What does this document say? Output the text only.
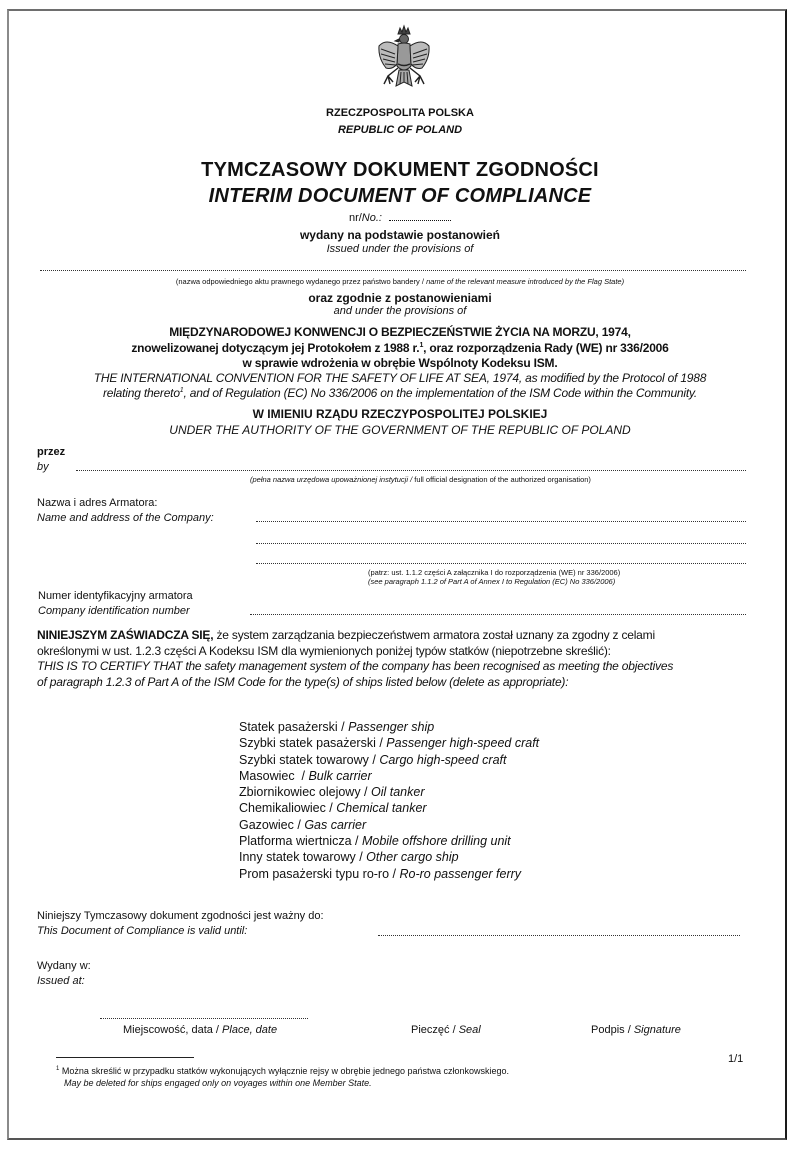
RZECZPOSPOLITA POLSKA
REPUBLIC OF POLAND
TYMCZASOWY DOKUMENT ZGODNOŚCI
INTERIM DOCUMENT OF COMPLIANCE
nr/No.:
wydany na podstawie postanowień
Issued under the provisions of
(nazwa odpowiedniego aktu prawnego wydanego przez państwo bandery / name of the relevant measure introduced by the Flag State)
oraz zgodnie z postanowieniami
and under the provisions of
MIĘDZYNARODOWEJ KONWENCJI O BEZPIECZEŃSTWIE ŻYCIA NA MORZU, 1974,
znowelizowanej dotyczącym jej Protokołem z 1988 r.$^1$, oraz rozporządzenia Rady (WE) nr 336/2006
w sprawie wdrożenia w obrębie Wspólnoty Kodeksu ISM.
THE INTERNATIONAL CONVENTION FOR THE SAFETY OF LIFE AT SEA, 1974, as modified by the Protocol of 1988
relating thereto$^1$, and of Regulation (EC) No 336/2006 on the implementation of the ISM Code within the Community.
W IMIENIU RZĄDU RZECZYPOSPOLITEJ POLSKIEJ
UNDER THE AUTHORITY OF THE GOVERNMENT OF THE REPUBLIC OF POLAND
przez
by
(pełna nazwa urzędowa upoważnionej instytucji / full official designation of the authorized organisation)
Nazwa i adres Armatora:
Name and address of the Company:
(patrz: ust. 1.1.2 części A załącznika I do rozporządzenia (WE) nr 336/2006)
(see paragraph 1.1.2 of Part A of Annex I to Regulation (EC) No 336/2006)
Numer identyfikacyjny armatora
Company identification number
NINIEJSZYM ZAŚWIADCZA SIĘ, że system zarządzania bezpieczeństwem armatora został uznany za zgodny z celami
określonymi w ust. 1.2.3 części A Kodeksu ISM dla wymienionych poniżej typów statków (niepotrzebne skreślić):
THIS IS TO CERTIFY THAT the safety management system of the company has been recognised as meeting the objectives
of paragraph 1.2.3 of Part A of the ISM Code for the type(s) of ships listed below (delete as appropriate):
Statek pasażerski / Passenger ship
Szybki statek pasażerski / Passenger high-speed craft
Szybki statek towarowy / Cargo high-speed craft
Masowiec  / Bulk carrier
Zbiornikowiec olejowy / Oil tanker
Chemikaliowiec / Chemical tanker
Gazowiec / Gas carrier
Platforma wiertnicza / Mobile offshore drilling unit
Inny statek towarowy / Other cargo ship
Prom pasażerski typu ro-ro / Ro-ro passenger ferry
Niniejszy Tymczasowy dokument zgodności jest ważny do:
This Document of Compliance is valid until:
Wydany w:
Issued at:
Miejscowość, data / Place, date	Pieczęć / Seal	Podpis / Signature
1/1
$^1$ Można skreślić w przypadku statków wykonujących wyłącznie rejsy w obrębie jednego państwa członkowskiego.
May be deleted for ships engaged only on voyages within one Member State.
